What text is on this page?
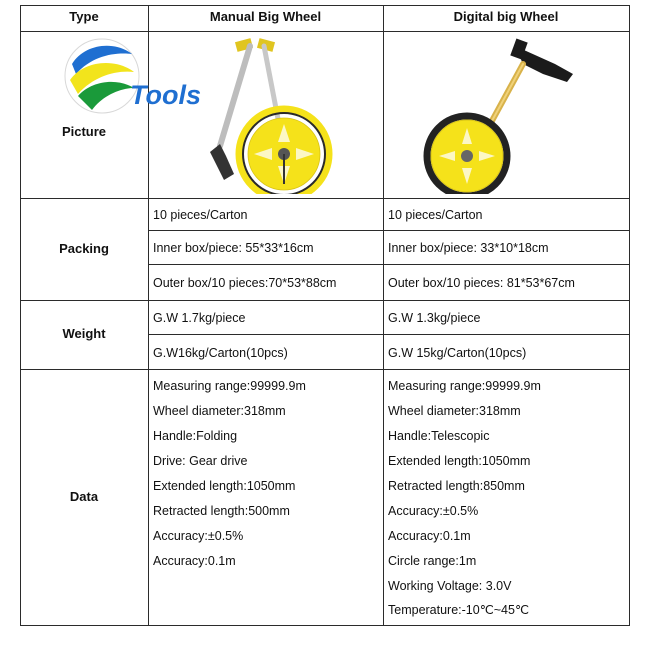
Type	Manual Big Wheel	Digital big Wheel
Picture
Packing
Weight
Data
Tools
10 pieces/Carton
Inner box/piece: 55*33*16cm
Outer box/10 pieces:70*53*88cm
10 pieces/Carton
Inner box/piece: 33*10*18cm
Outer box/10 pieces: 81*53*67cm
G.W 1.7kg/piece
G.W16kg/Carton(10pcs)
G.W 1.3kg/piece
G.W 15kg/Carton(10pcs)
Measuring range:99999.9m
Wheel diameter:318mm
Handle:Folding
Drive: Gear drive
Extended length:1050mm
Retracted length:500mm
Accuracy:±0.5%
Accuracy:0.1m
Measuring range:99999.9m
Wheel diameter:318mm
Handle:Telescopic
Extended length:1050mm
Retracted length:850mm
Accuracy:±0.5%
Accuracy:0.1m
Circle range:1m
Working Voltage: 3.0V
Temperature:-10℃~45℃
